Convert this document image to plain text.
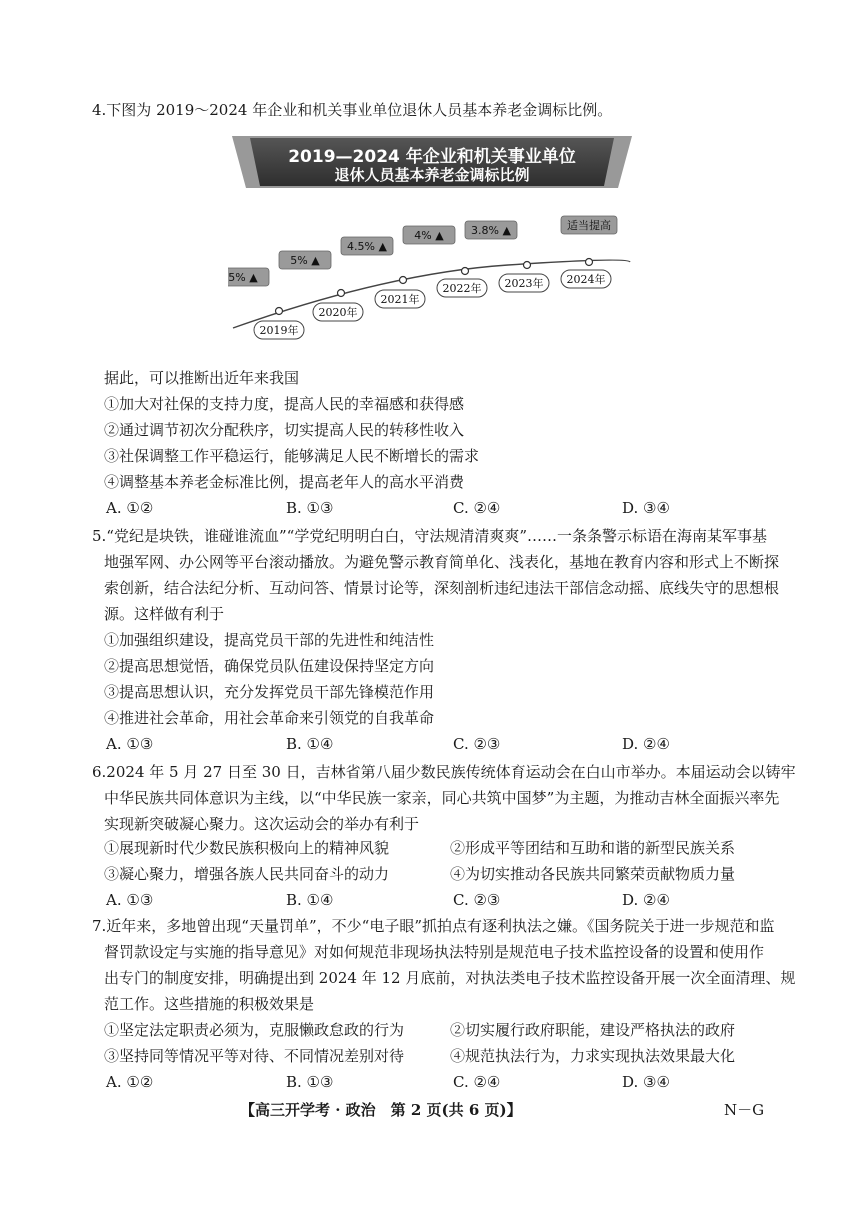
4.下图为 2019～2024 年企业和机关事业单位退休人员基本养老金调标比例。
2019—2024 年企业和机关事业单位
退休人员基本养老金调标比例
5% ▲
2019年
5% ▲
2020年
4.5% ▲
2021年
4% ▲
2022年
3.8% ▲
2023年
适当提高
2024年
据此，可以推断出近年来我国
①加大对社保的支持力度，提高人民的幸福感和获得感
②通过调节初次分配秩序，切实提高人民的转移性收入
③社保调整工作平稳运行，能够满足人民不断增长的需求
④调整基本养老金标准比例，提高老年人的高水平消费
A. ①②	B. ①③	C. ②④	D. ③④
5.“党纪是块铁，谁碰谁流血”“学党纪明明白白，守法规清清爽爽”……一条条警示标语在海南某军事基
地强军网、办公网等平台滚动播放。为避免警示教育简单化、浅表化，基地在教育内容和形式上不断探
索创新，结合法纪分析、互动问答、情景讨论等，深刻剖析违纪违法干部信念动摇、底线失守的思想根
源。这样做有利于
①加强组织建设，提高党员干部的先进性和纯洁性
②提高思想觉悟，确保党员队伍建设保持坚定方向
③提高思想认识，充分发挥党员干部先锋模范作用
④推进社会革命，用社会革命来引领党的自我革命
A. ①③	B. ①④	C. ②③	D. ②④
6.2024 年 5 月 27 日至 30 日，吉林省第八届少数民族传统体育运动会在白山市举办。本届运动会以铸牢
中华民族共同体意识为主线，以“中华民族一家亲，同心共筑中国梦”为主题，为推动吉林全面振兴率先
实现新突破凝心聚力。这次运动会的举办有利于
①展现新时代少数民族积极向上的精神风貌	②形成平等团结和互助和谐的新型民族关系
③凝心聚力，增强各族人民共同奋斗的动力	④为切实推动各民族共同繁荣贡献物质力量
A. ①③	B. ①④	C. ②③	D. ②④
7.近年来，多地曾出现“天量罚单”，不少“电子眼”抓拍点有逐利执法之嫌。《国务院关于进一步规范和监
督罚款设定与实施的指导意见》对如何规范非现场执法特别是规范电子技术监控设备的设置和使用作
出专门的制度安排，明确提出到 2024 年 12 月底前，对执法类电子技术监控设备开展一次全面清理、规
范工作。这些措施的积极效果是
①坚定法定职责必须为，克服懒政怠政的行为	②切实履行政府职能，建设严格执法的政府
③坚持同等情况平等对待、不同情况差别对待	④规范执法行为，力求实现执法效果最大化
A. ①②	B. ①③	C. ②④	D. ③④
【高三开学考 · 政治　第 2 页(共 6 页)】	N－G
